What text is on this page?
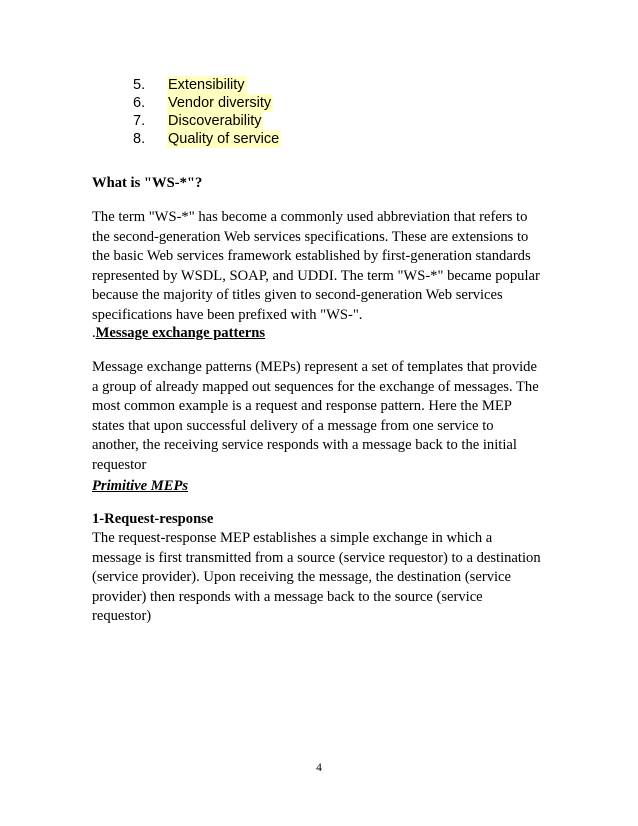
5. Extensibility
6. Vendor diversity
7. Discoverability
8. Quality of service
What is "WS-*"?
The term "WS-*" has become a commonly used abbreviation that refers to
the second-generation Web services specifications. These are extensions to
the basic Web services framework established by first-generation standards
represented by WSDL, SOAP, and UDDI. The term "WS-*" became popular
because the majority of titles given to second-generation Web services
specifications have been prefixed with "WS-".
.Message exchange patterns
Message exchange patterns (MEPs) represent a set of templates that provide
a group of already mapped out sequences for the exchange of messages. The
most common example is a request and response pattern. Here the MEP
states that upon successful delivery of a message from one service to
another, the receiving service responds with a message back to the initial
requestor
Primitive MEPs
1-Request-response
The request-response MEP establishes a simple exchange in which a
message is first transmitted from a source (service requestor) to a destination
(service provider). Upon receiving the message, the destination (service
provider) then responds with a message back to the source (service
requestor)
4
